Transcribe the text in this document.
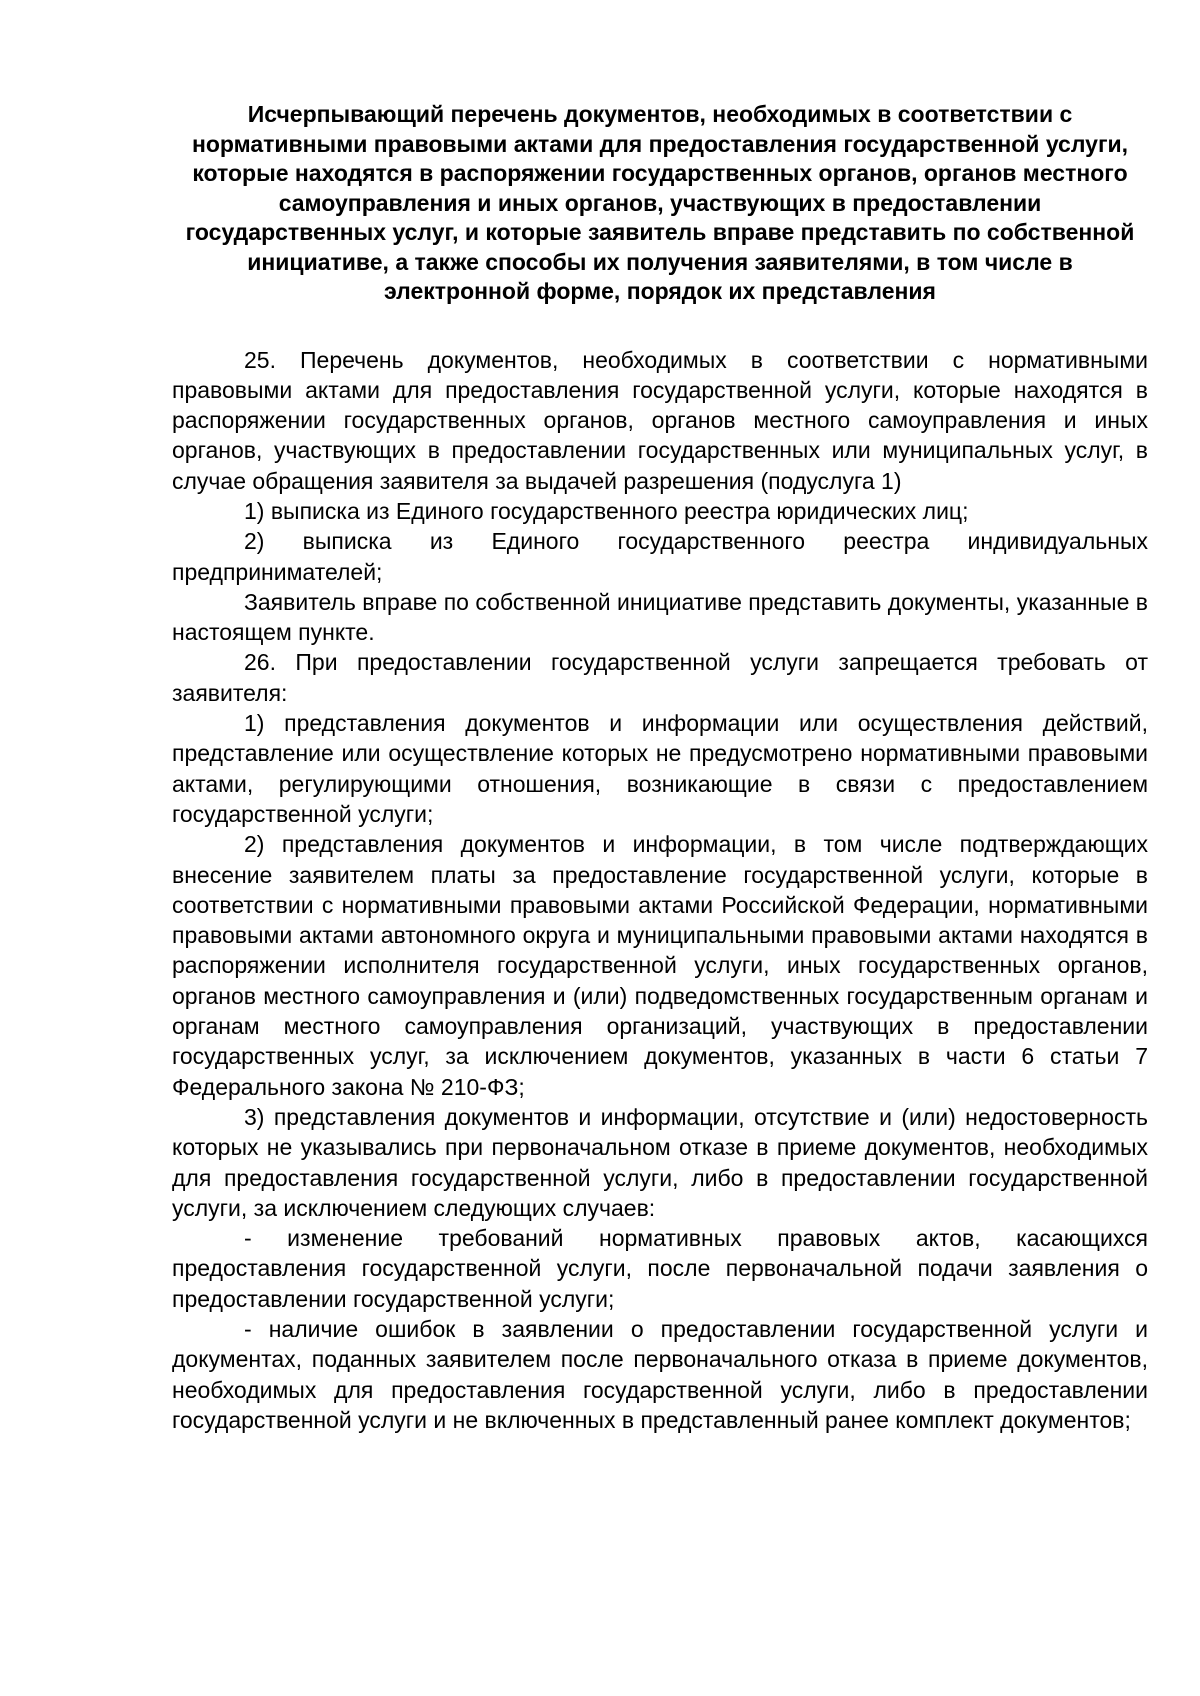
Исчерпывающий перечень документов, необходимых в соответствии с нормативными правовыми актами для предоставления государственной услуги, которые находятся в распоряжении государственных органов, органов местного самоуправления и иных органов, участвующих в предоставлении государственных услуг, и которые заявитель вправе представить по собственной инициативе, а также способы их получения заявителями, в том числе в электронной форме, порядок их представления

25. Перечень документов, необходимых в соответствии с нормативными правовыми актами для предоставления государственной услуги, которые находятся в распоряжении государственных органов, органов местного самоуправления и иных органов, участвующих в предоставлении государственных или муниципальных услуг, в случае обращения заявителя за выдачей разрешения (подуслуга 1)

1) выписка из Единого государственного реестра юридических лиц;

2) выписка из Единого государственного реестра индивидуальных предпринимателей;

Заявитель вправе по собственной инициативе представить документы, указанные в настоящем пункте.

26. При предоставлении государственной услуги запрещается требовать от заявителя:

1) представления документов и информации или осуществления действий, представление или осуществление которых не предусмотрено нормативными правовыми актами, регулирующими отношения, возникающие в связи с предоставлением государственной услуги;

2) представления документов и информации, в том числе подтверждающих внесение заявителем платы за предоставление государственной услуги, которые в соответствии с нормативными правовыми актами Российской Федерации, нормативными правовыми актами автономного округа и муниципальными правовыми актами находятся в распоряжении исполнителя государственной услуги, иных государственных органов, органов местного самоуправления и (или) подведомственных государственным органам и органам местного самоуправления организаций, участвующих в предоставлении государственных услуг, за исключением документов, указанных в части 6 статьи 7 Федерального закона № 210-ФЗ;

3) представления документов и информации, отсутствие и (или) недостоверность которых не указывались при первоначальном отказе в приеме документов, необходимых для предоставления государственной услуги, либо в предоставлении государственной услуги, за исключением следующих случаев:

- изменение требований нормативных правовых актов, касающихся предоставления государственной услуги, после первоначальной подачи заявления о предоставлении государственной услуги;

- наличие ошибок в заявлении о предоставлении государственной услуги и документах, поданных заявителем после первоначального отказа в приеме документов, необходимых для предоставления государственной услуги, либо в предоставлении государственной услуги и не включенных в представленный ранее комплект документов;
